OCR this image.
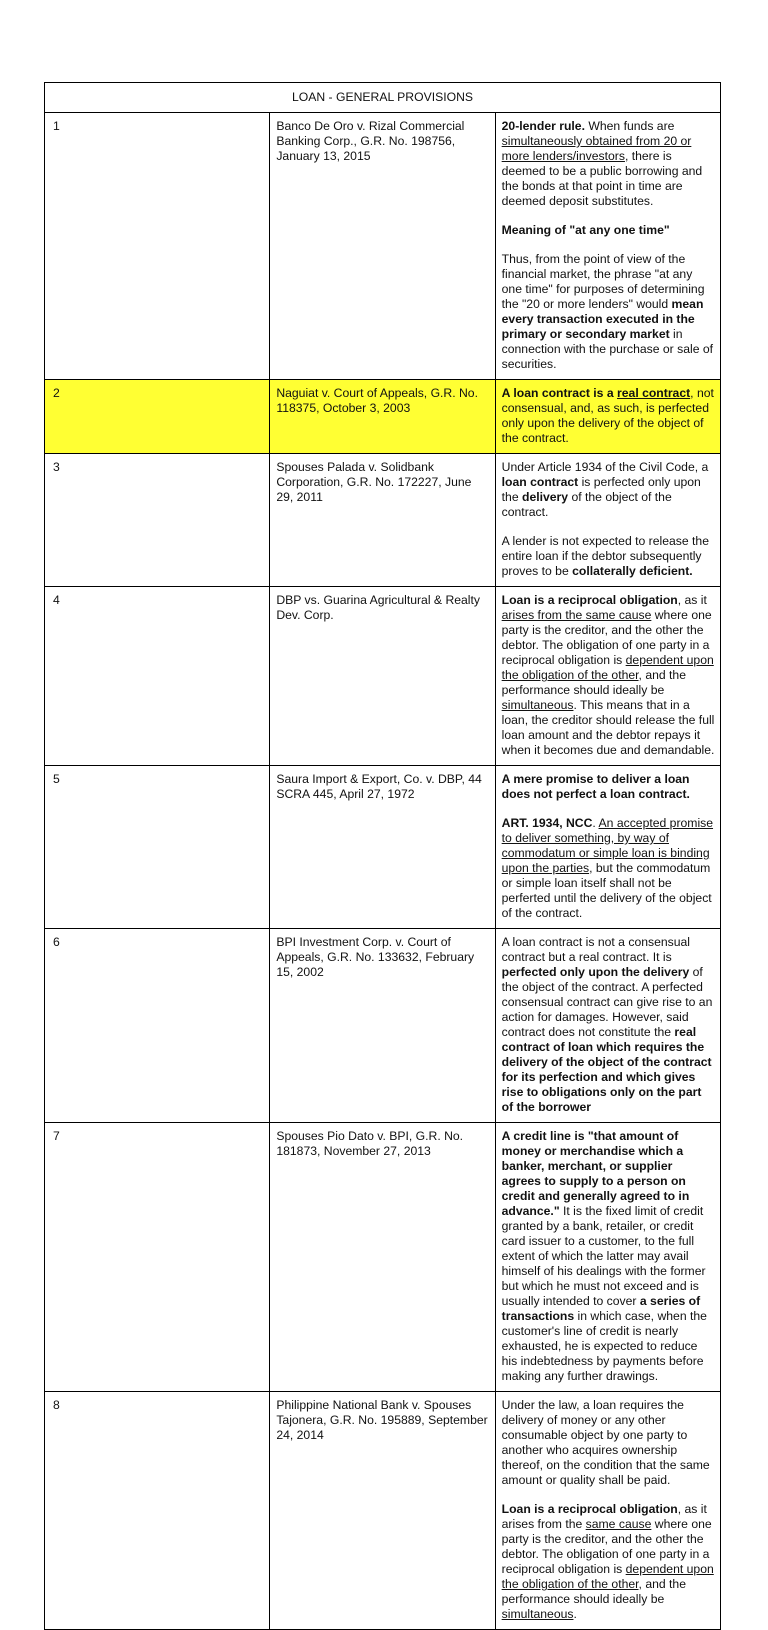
LOAN - GENERAL PROVISIONS		
1	Banco De Oro v. Rizal Commercial Banking Corp., G.R. No. 198756, January 13, 2015	20-lender rule. When funds are simultaneously obtained from 20 or more lenders/investors, there is deemed to be a public borrowing and the bonds at that point in time are deemed deposit substitutes.

Meaning of "at any one time"

Thus, from the point of view of the financial market, the phrase "at any one time" for purposes of determining the "20 or more lenders" would mean every transaction executed in the primary or secondary market in connection with the purchase or sale of securities.

2	Naguiat v. Court of Appeals, G.R. No. 118375, October 3, 2003	A loan contract is a real contract, not consensual, and, as such, is perfected only upon the delivery of the object of the contract.

3	Spouses Palada v. Solidbank Corporation, G.R. No. 172227, June 29, 2011	Under Article 1934 of the Civil Code, a loan contract is perfected only upon the delivery of the object of the contract.

A lender is not expected to release the entire loan if the debtor subsequently proves to be collaterally deficient.

4	DBP vs. Guarina Agricultural & Realty Dev. Corp.	Loan is a reciprocal obligation, as it arises from the same cause where one party is the creditor, and the other the debtor. The obligation of one party in a reciprocal obligation is dependent upon the obligation of the other, and the performance should ideally be simultaneous. This means that in a loan, the creditor should release the full loan amount and the debtor repays it when it becomes due and demandable.

5	Saura Import & Export, Co. v. DBP, 44 SCRA 445, April 27, 1972	A mere promise to deliver a loan does not perfect a loan contract.

ART. 1934, NCC. An accepted promise to deliver something, by way of commodatum or simple loan is binding upon the parties, but the commodatum or simple loan itself shall not be perferted until the delivery of the object of the contract.

6	BPI Investment Corp. v. Court of Appeals, G.R. No. 133632, February 15, 2002	A loan contract is not a consensual contract but a real contract. It is perfected only upon the delivery of the object of the contract. A perfected consensual contract can give rise to an action for damages. However, said contract does not constitute the real contract of loan which requires the delivery of the object of the contract for its perfection and which gives rise to obligations only on the part of the borrower

7	Spouses Pio Dato v. BPI, G.R. No. 181873, November 27, 2013	A credit line is "that amount of money or merchandise which a banker, merchant, or supplier agrees to supply to a person on credit and generally agreed to in advance." It is the fixed limit of credit granted by a bank, retailer, or credit card issuer to a customer, to the full extent of which the latter may avail himself of his dealings with the former but which he must not exceed and is usually intended to cover a series of transactions in which case, when the customer's line of credit is nearly exhausted, he is expected to reduce his indebtedness by payments before making any further drawings.

8	Philippine National Bank v. Spouses Tajonera, G.R. No. 195889, September 24, 2014	Under the law, a loan requires the delivery of money or any other consumable object by one party to another who acquires ownership thereof, on the condition that the same amount or quality shall be paid.

Loan is a reciprocal obligation, as it arises from the same cause where one party is the creditor, and the other the debtor. The obligation of one party in a reciprocal obligation is dependent upon the obligation of the other, and the performance should ideally be simultaneous.
